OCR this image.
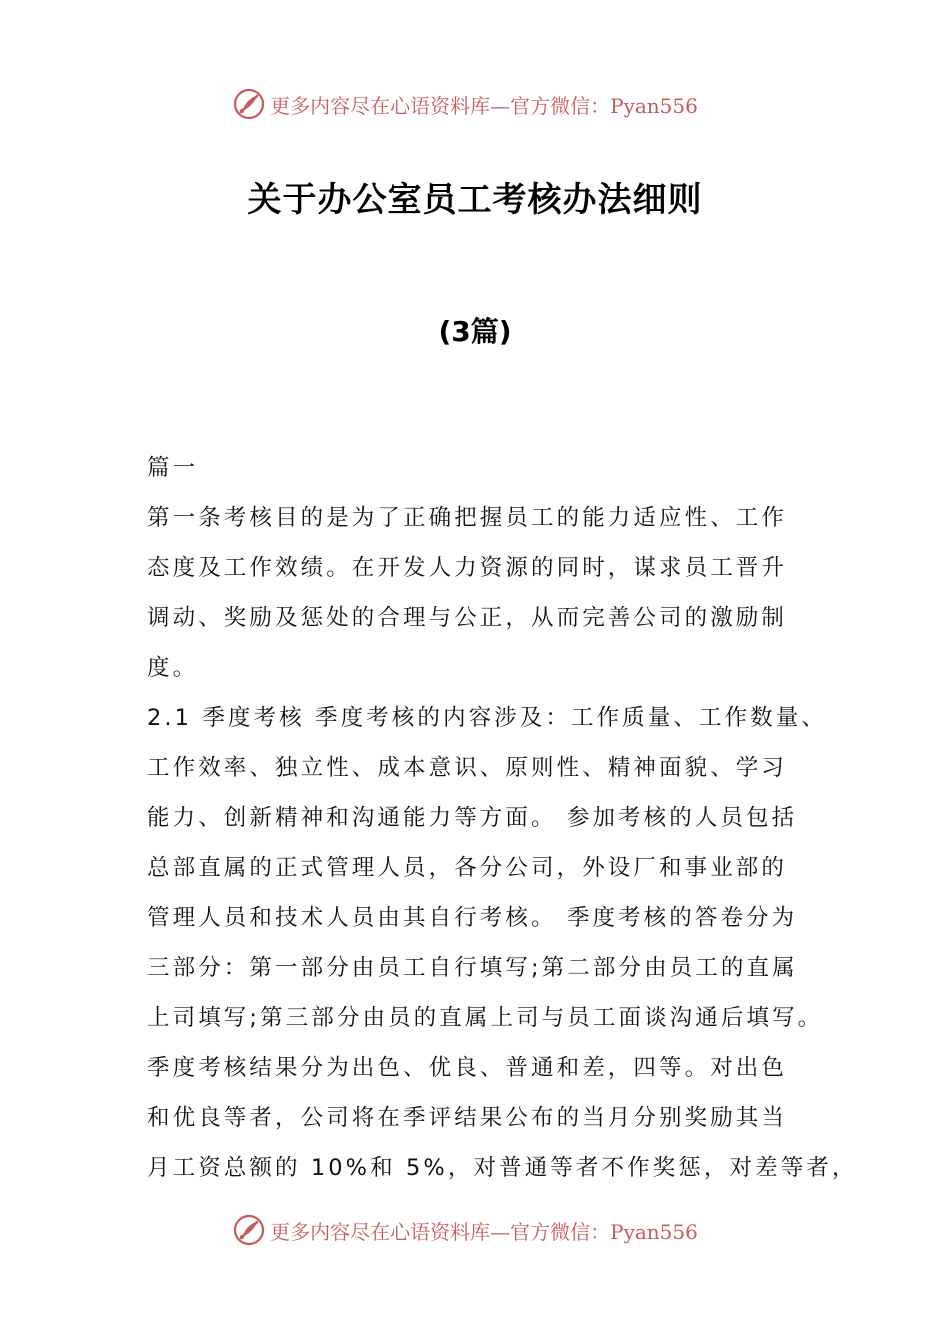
更多内容尽在心语资料库—官方微信：Pyan556
关于办公室员工考核办法细则
(3篇)
篇一
第一条考核目的是为了正确把握员工的能力适应性、工作
态度及工作效绩。在开发人力资源的同时，谋求员工晋升
调动、奖励及惩处的合理与公正，从而完善公司的激励制
度。
2.1 季度考核 季度考核的内容涉及：工作质量、工作数量、
工作效率、独立性、成本意识、原则性、精神面貌、学习
能力、创新精神和沟通能力等方面。 参加考核的人员包括
总部直属的正式管理人员，各分公司，外设厂和事业部的
管理人员和技术人员由其自行考核。 季度考核的答卷分为
三部分：第一部分由员工自行填写;第二部分由员工的直属
上司填写;第三部分由员的直属上司与员工面谈沟通后填写。
季度考核结果分为出色、优良、普通和差，四等。对出色
和优良等者，公司将在季评结果公布的当月分别奖励其当
月工资总额的 10%和 5%，对普通等者不作奖惩，对差等者，
更多内容尽在心语资料库—官方微信：Pyan556
